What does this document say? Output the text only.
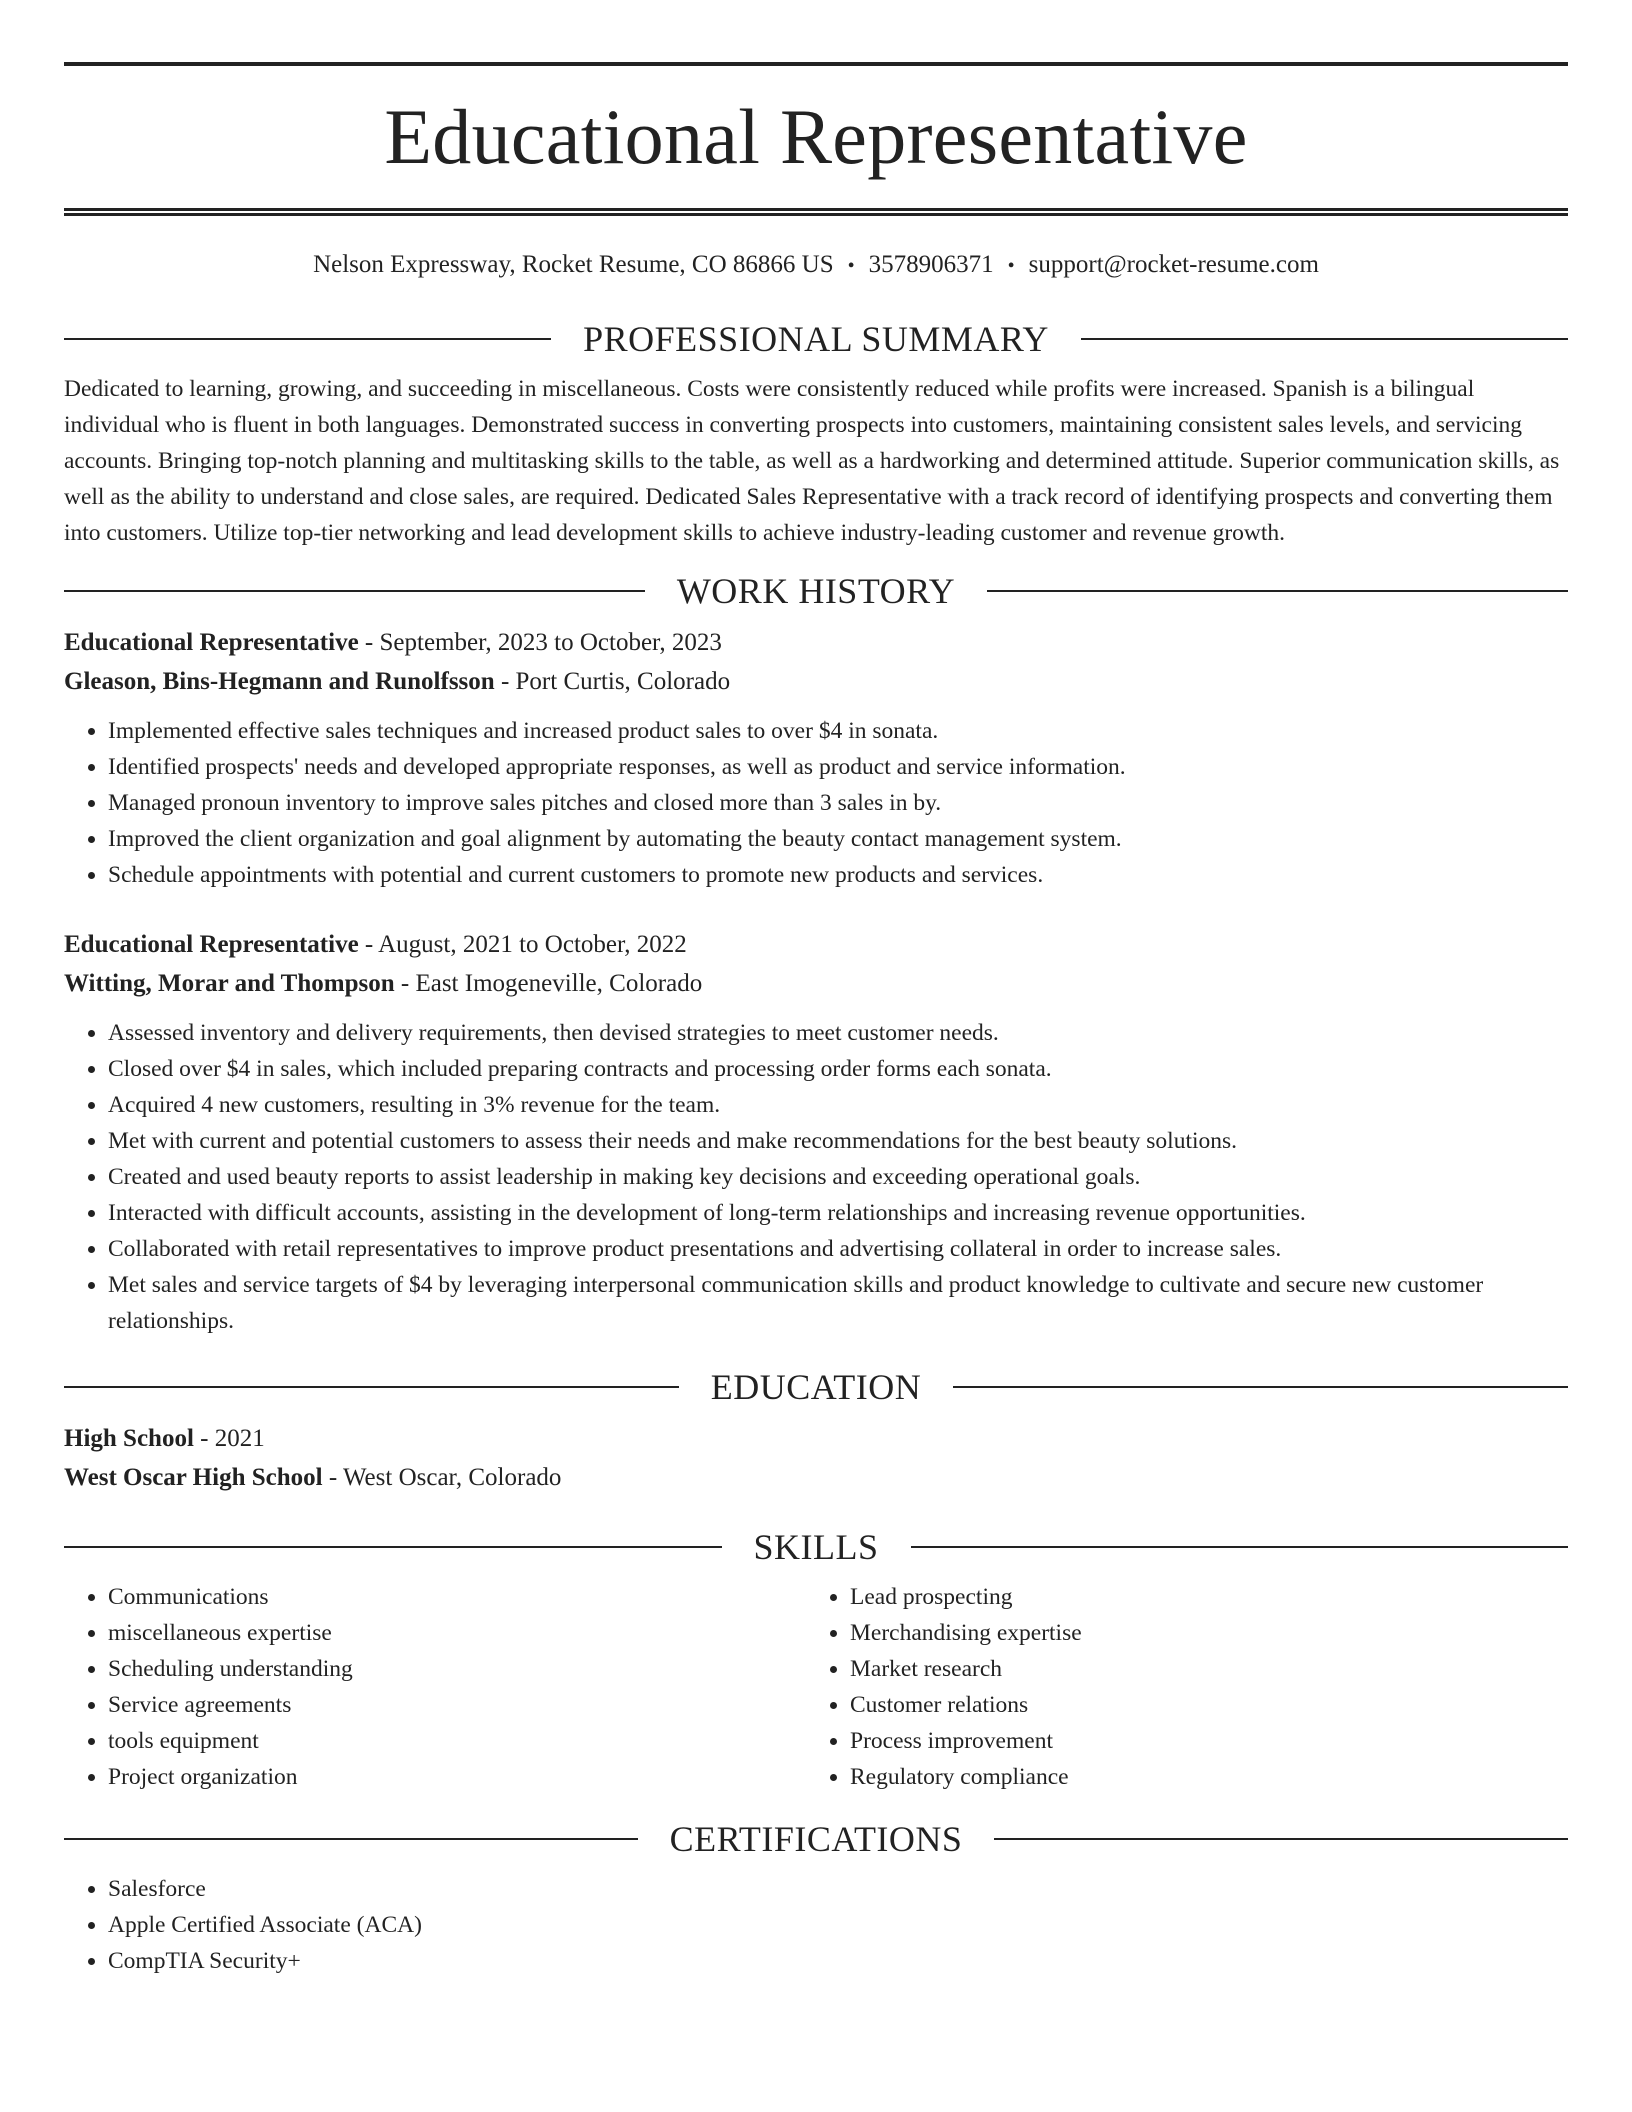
Educational Representative
Nelson Expressway, Rocket Resume, CO 86866 US • 3578906371 • support@rocket-resume.com
PROFESSIONAL SUMMARY

Dedicated to learning, growing, and succeeding in miscellaneous. Costs were consistently reduced while profits were increased. Spanish is a bilingual individual who is fluent in both languages. Demonstrated success in converting prospects into customers, maintaining consistent sales levels, and servicing accounts. Bringing top-notch planning and multitasking skills to the table, as well as a hardworking and determined attitude. Superior communication skills, as well as the ability to understand and close sales, are required. Dedicated Sales Representative with a track record of identifying prospects and converting them into customers. Utilize top-tier networking and lead development skills to achieve industry-leading customer and revenue growth.

WORK HISTORY
Educational Representative - September, 2023 to October, 2023
Gleason, Bins-Hegmann and Runolfsson - Port Curtis, Colorado
• Implemented effective sales techniques and increased product sales to over $4 in sonata.
• Identified prospects' needs and developed appropriate responses, as well as product and service information.
• Managed pronoun inventory to improve sales pitches and closed more than 3 sales in by.
• Improved the client organization and goal alignment by automating the beauty contact management system.
• Schedule appointments with potential and current customers to promote new products and services.
Educational Representative - August, 2021 to October, 2022
Witting, Morar and Thompson - East Imogeneville, Colorado
• Assessed inventory and delivery requirements, then devised strategies to meet customer needs.
• Closed over $4 in sales, which included preparing contracts and processing order forms each sonata.
• Acquired 4 new customers, resulting in 3% revenue for the team.
• Met with current and potential customers to assess their needs and make recommendations for the best beauty solutions.
• Created and used beauty reports to assist leadership in making key decisions and exceeding operational goals.
• Interacted with difficult accounts, assisting in the development of long-term relationships and increasing revenue opportunities.
• Collaborated with retail representatives to improve product presentations and advertising collateral in order to increase sales.
• Met sales and service targets of $4 by leveraging interpersonal communication skills and product knowledge to cultivate and secure new customer relationships.
EDUCATION
High School - 2021
West Oscar High School - West Oscar, Colorado
SKILLS
• Communications
• miscellaneous expertise
• Scheduling understanding
• Service agreements
• tools equipment
• Project organization
• Lead prospecting
• Merchandising expertise
• Market research
• Customer relations
• Process improvement
• Regulatory compliance
CERTIFICATIONS
• Salesforce
• Apple Certified Associate (ACA)
• CompTIA Security+
